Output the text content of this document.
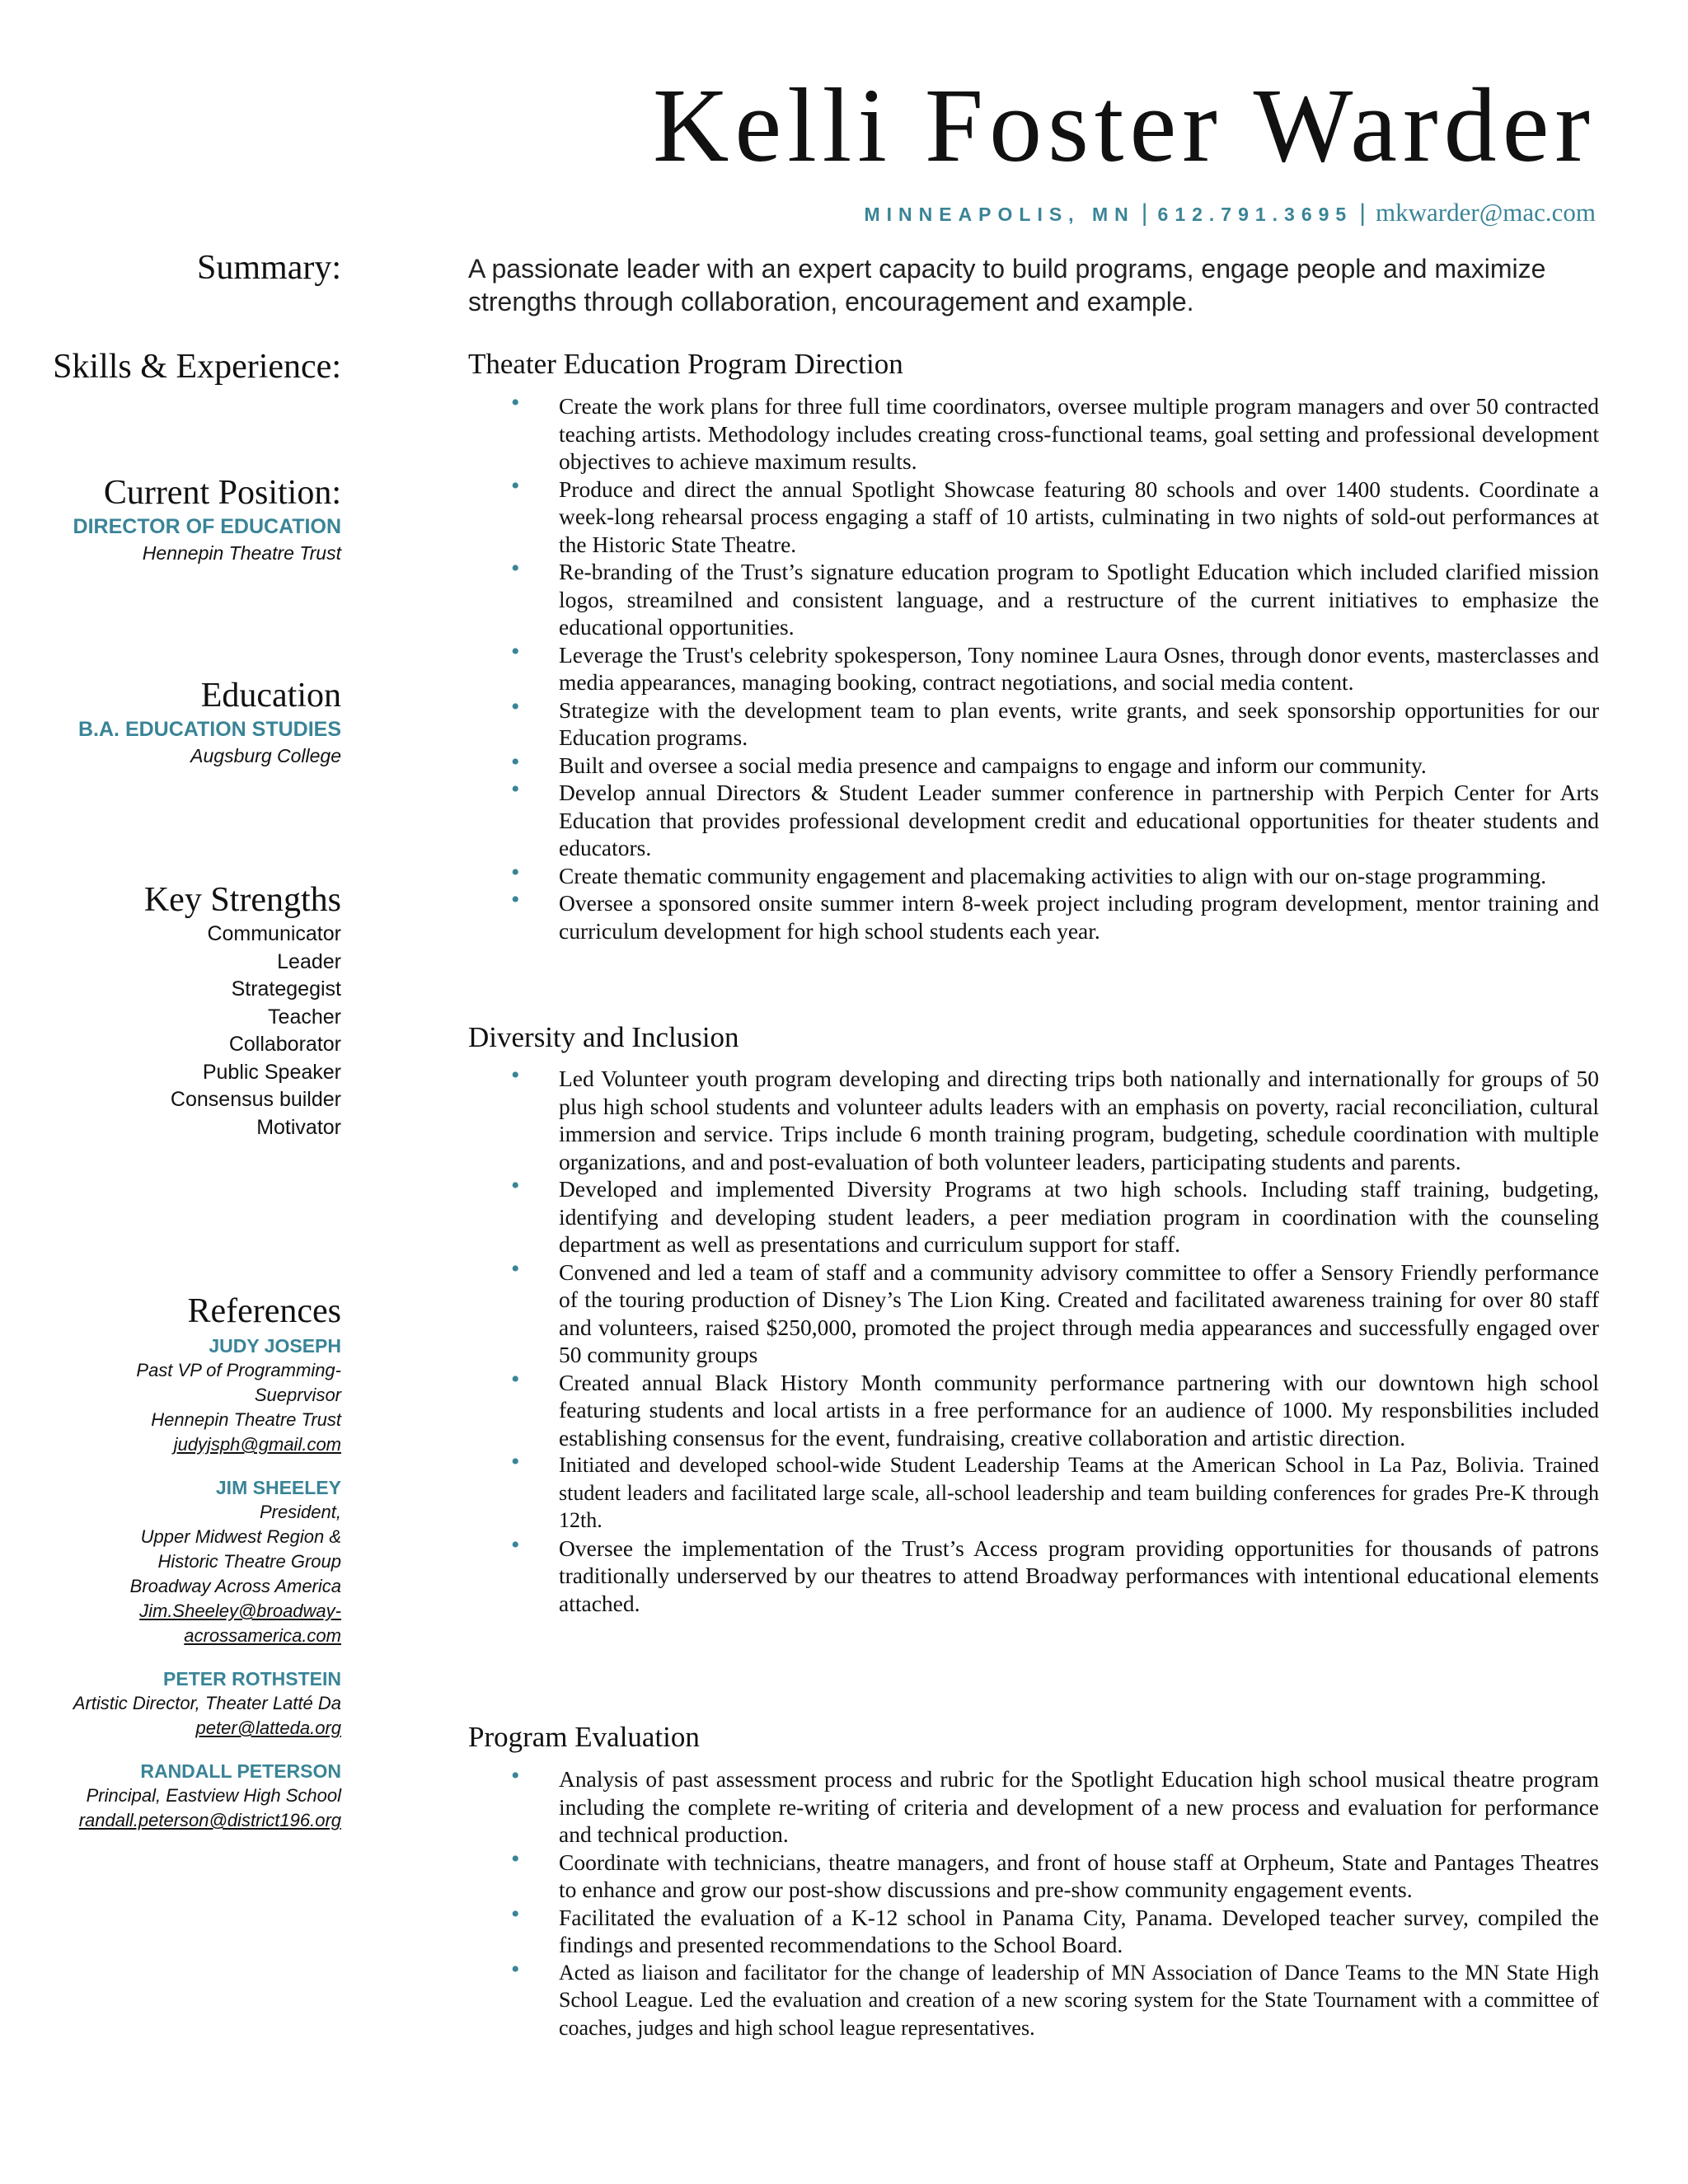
Kelli Foster Warder
MINNEAPOLIS, MN | 612.791.3695 | mkwarder@mac.com
Summary:
Skills & Experience:
Current Position:
DIRECTOR OF EDUCATION
Hennepin Theatre Trust
Education
B.A. EDUCATION STUDIES
Augsburg College
Key Strengths
Communicator
Leader
Strategegist
Teacher
Collaborator
Public Speaker
Consensus builder
Motivator
References
JUDY JOSEPH
Past VP of Programming-
Sueprvisor
Hennepin Theatre Trust
judyjsph@gmail.com
JIM SHEELEY
President,
Upper Midwest Region &
Historic Theatre Group
Broadway Across America
Jim.Sheeley@broadway-
acrossamerica.com
PETER ROTHSTEIN
Artistic Director, Theater Latté Da
peter@latteda.org
RANDALL PETERSON
Principal, Eastview High School
randall.peterson@district196.org
A passionate leader with an expert capacity to build programs, engage people and maximize strengths through collaboration, encouragement and example.
Theater Education Program Direction
• Create the work plans for three full time coordinators, oversee multiple program managers and over 50 contracted teaching artists. Methodology includes creating cross-functional teams, goal setting and professional development objectives to achieve maximum results.
• Produce and direct the annual Spotlight Showcase featuring 80 schools and over 1400 students. Coordinate a week-long rehearsal process engaging a staff of 10 artists, culminating in two nights of sold-out performances at the Historic State Theatre.
• Re-branding of the Trust’s signature education program to Spotlight Education which included clarified mission logos, streamilned and consistent language, and a restructure of the current initiatives to emphasize the educational opportunities.
• Leverage the Trust's celebrity spokesperson, Tony nominee Laura Osnes, through donor events, masterclasses and media appearances, managing booking, contract negotiations, and social media content.
• Strategize with the development team to plan events, write grants, and seek sponsorship opportunities for our Education programs.
• Built and oversee a social media presence and campaigns to engage and inform our community.
• Develop annual Directors & Student Leader summer conference in partnership with Perpich Center for Arts Education that provides professional development credit and educational opportunities for theater students and educators.
• Create thematic community engagement and placemaking activities to align with our on-stage programming.
• Oversee a sponsored onsite summer intern 8-week project including program development, mentor training and curriculum development for high school students each year.
Diversity and Inclusion
• Led Volunteer youth program developing and directing trips both nationally and internationally for groups of 50 plus high school students and volunteer adults leaders with an emphasis on poverty, racial reconciliation, cultural immersion and service. Trips include 6 month training program, budgeting, schedule coordination with multiple organizations, and and post-evaluation of both volunteer leaders, participating students and parents.
• Developed and implemented Diversity Programs at two high schools. Including staff training, budgeting, identifying and developing student leaders, a peer mediation program in coordination with the counseling department as well as presentations and curriculum support for staff.
• Convened and led a team of staff and a community advisory committee to offer a Sensory Friendly performance of the touring production of Disney’s The Lion King. Created and facilitated awareness training for over 80 staff and volunteers, raised $250,000, promoted the project through media appearances and successfully engaged over 50 community groups
• Created annual Black History Month community performance partnering with our downtown high school featuring students and local artists in a free performance for an audience of 1000. My responsbilities included establishing consensus for the event, fundraising, creative collaboration and artistic direction.
• Initiated and developed school-wide Student Leadership Teams at the American School in La Paz, Bolivia. Trained student leaders and facilitated large scale, all-school leadership and team building conferences for grades Pre-K through 12th.
• Oversee the implementation of the Trust’s Access program providing opportunities for thousands of patrons traditionally underserved by our theatres to attend Broadway performances with intentional educational elements attached.
Program Evaluation
• Analysis of past assessment process and rubric for the Spotlight Education high school musical theatre program including the complete re-writing of criteria and development of a new process and evaluation for performance and technical production.
• Coordinate with technicians, theatre managers, and front of house staff at Orpheum, State and Pantages Theatres to enhance and grow our post-show discussions and pre-show community engagement events.
• Facilitated the evaluation of a K-12 school in Panama City, Panama. Developed teacher survey, compiled the findings and presented recommendations to the School Board.
• Acted as liaison and facilitator for the change of leadership of MN Association of Dance Teams to the MN State High School League. Led the evaluation and creation of a new scoring system for the State Tournament with a committee of coaches, judges and high school league representatives.
